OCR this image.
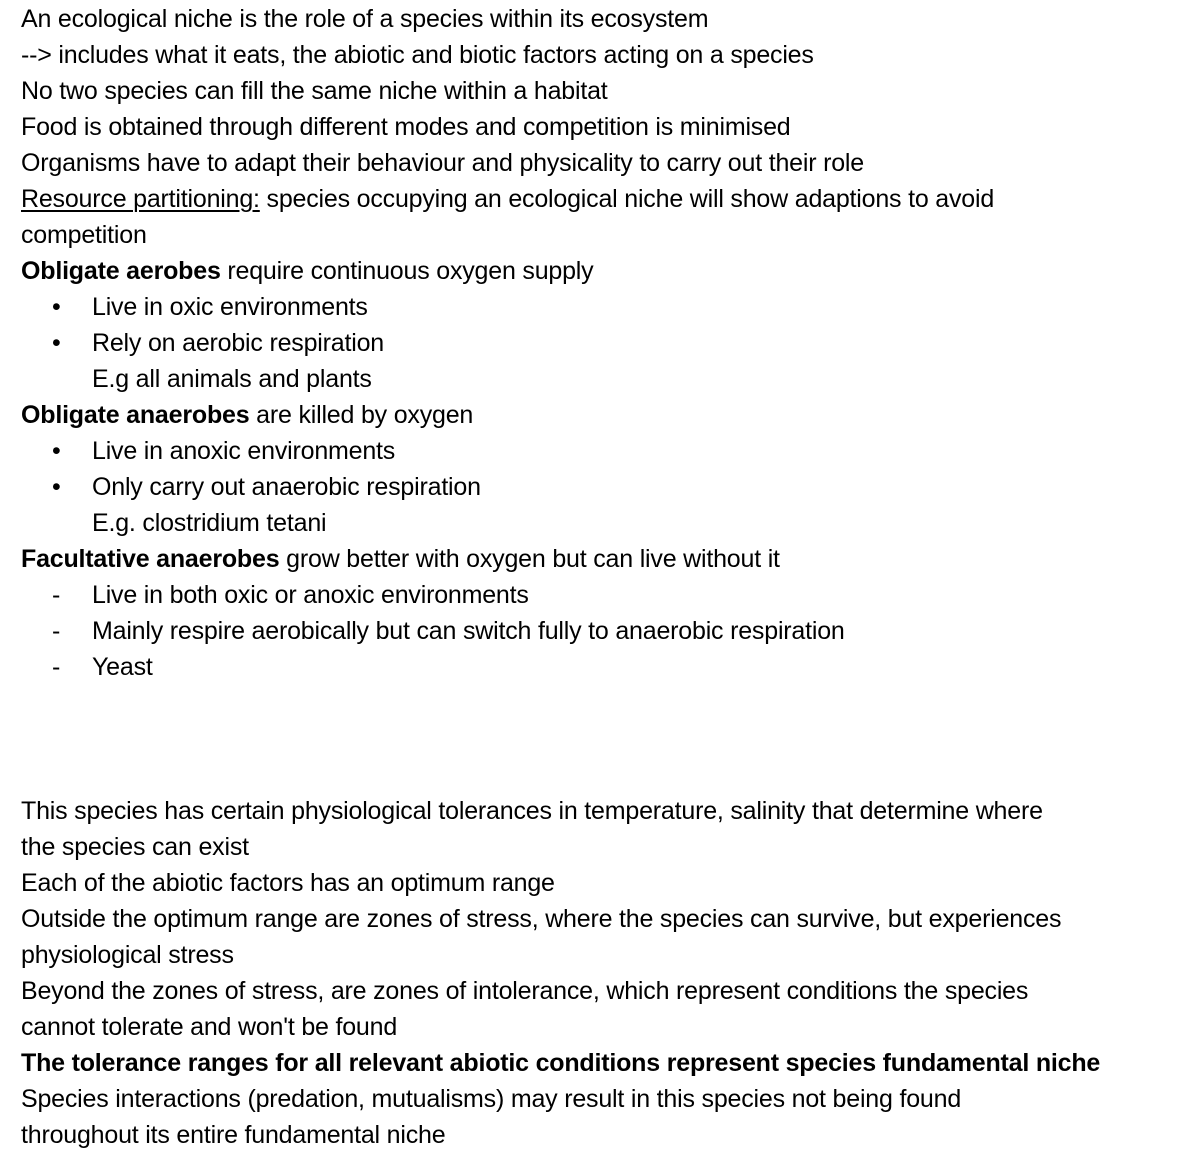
An ecological niche is the role of a species within its ecosystem
--> includes what it eats, the abiotic and biotic factors acting on a species
No two species can fill the same niche within a habitat
Food is obtained through different modes and competition is minimised
Organisms have to adapt their behaviour and physicality to carry out their role
Resource partitioning: species occupying an ecological niche will show adaptions to avoid
competition
Obligate aerobes require continuous oxygen supply
• Live in oxic environments
• Rely on aerobic respiration
E.g all animals and plants
Obligate anaerobes are killed by oxygen
• Live in anoxic environments
• Only carry out anaerobic respiration
E.g. clostridium tetani
Facultative anaerobes grow better with oxygen but can live without it
- Live in both oxic or anoxic environments
- Mainly respire aerobically but can switch fully to anaerobic respiration
- Yeast
This species has certain physiological tolerances in temperature, salinity that determine where
the species can exist
Each of the abiotic factors has an optimum range
Outside the optimum range are zones of stress, where the species can survive, but experiences
physiological stress
Beyond the zones of stress, are zones of intolerance, which represent conditions the species
cannot tolerate and won't be found
The tolerance ranges for all relevant abiotic conditions represent species fundamental niche
Species interactions (predation, mutualisms) may result in this species not being found
throughout its entire fundamental niche
